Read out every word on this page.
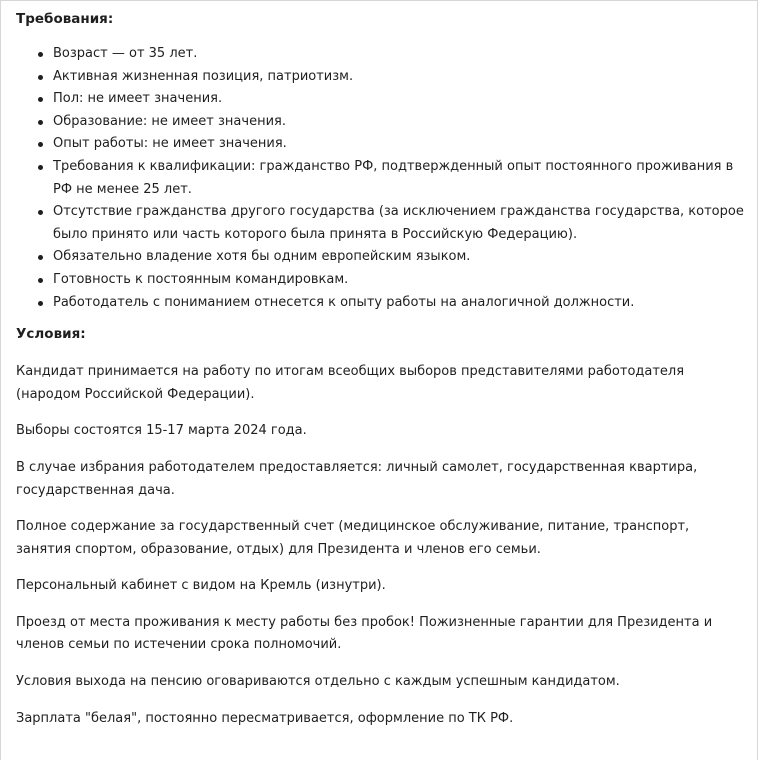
Требования:

Возраст — от 35 лет.
Активная жизненная позиция, патриотизм.
Пол: не имеет значения.
Образование: не имеет значения.
Опыт работы: не имеет значения.
Требования к квалификации: гражданство РФ, подтвержденный опыт постоянного проживания в РФ не менее 25 лет.
Отсутствие гражданства другого государства (за исключением гражданства государства, которое было принято или часть которого была принята в Российскую Федерацию).
Обязательно владение хотя бы одним европейским языком.
Готовность к постоянным командировкам.
Работодатель с пониманием отнесется к опыту работы на аналогичной должности.

Условия:

Кандидат принимается на работу по итогам всеобщих выборов представителями работодателя (народом Российской Федерации).

Выборы состоятся 15-17 марта 2024 года.

В случае избрания работодателем предоставляется: личный самолет, государственная квартира, государственная дача.

Полное содержание за государственный счет (медицинское обслуживание, питание, транспорт, занятия спортом, образование, отдых) для Президента и членов его семьи.

Персональный кабинет с видом на Кремль (изнутри).

Проезд от места проживания к месту работы без пробок! Пожизненные гарантии для Президента и членов семьи по истечении срока полномочий.

Условия выхода на пенсию оговариваются отдельно с каждым успешным кандидатом.

Зарплата "белая", постоянно пересматривается, оформление по ТК РФ.
